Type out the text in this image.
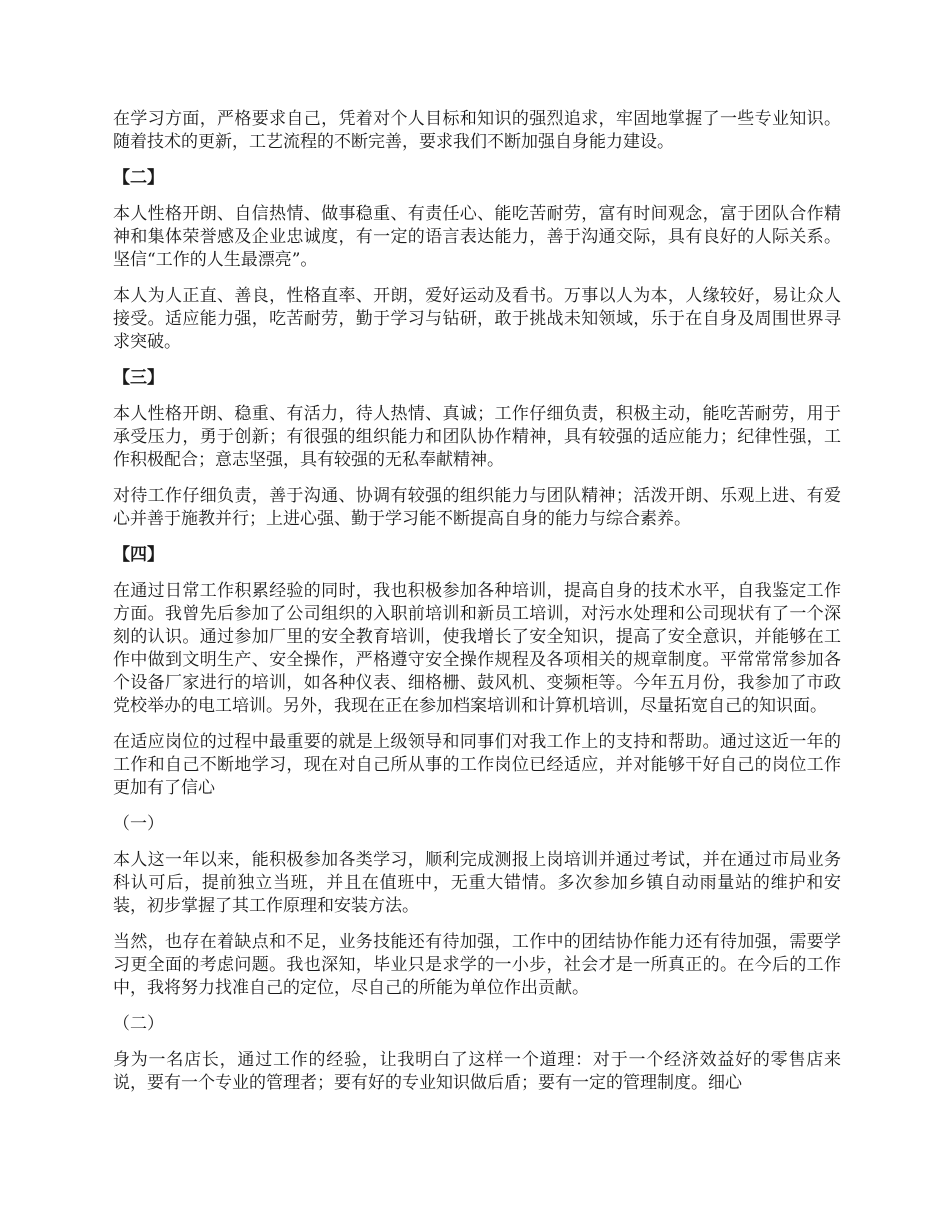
在学习方面，严格要求自己，凭着对个人目标和知识的强烈追求，牢固地掌握了一些专业知识。随着技术的更新，工艺流程的不断完善，要求我们不断加强自身能力建设。

【二】

本人性格开朗、自信热情、做事稳重、有责任心、能吃苦耐劳，富有时间观念，富于团队合作精神和集体荣誉感及企业忠诚度，有一定的语言表达能力，善于沟通交际，具有良好的人际关系。坚信“工作的人生最漂亮”。

本人为人正直、善良，性格直率、开朗，爱好运动及看书。万事以人为本，人缘较好，易让众人接受。适应能力强，吃苦耐劳，勤于学习与钻研，敢于挑战未知领域，乐于在自身及周围世界寻求突破。

【三】

本人性格开朗、稳重、有活力，待人热情、真诚；工作仔细负责，积极主动，能吃苦耐劳，用于承受压力，勇于创新；有很强的组织能力和团队协作精神，具有较强的适应能力；纪律性强，工作积极配合；意志坚强，具有较强的无私奉献精神。

对待工作仔细负责，善于沟通、协调有较强的组织能力与团队精神；活泼开朗、乐观上进、有爱心并善于施教并行；上进心强、勤于学习能不断提高自身的能力与综合素养。

【四】

在通过日常工作积累经验的同时，我也积极参加各种培训，提高自身的技术水平，自我鉴定工作方面。我曾先后参加了公司组织的入职前培训和新员工培训，对污水处理和公司现状有了一个深刻的认识。通过参加厂里的安全教育培训，使我增长了安全知识，提高了安全意识，并能够在工作中做到文明生产、安全操作，严格遵守安全操作规程及各项相关的规章制度。平常常常参加各个设备厂家进行的培训，如各种仪表、细格栅、鼓风机、变频柜等。今年五月份，我参加了市政党校举办的电工培训。另外，我现在正在参加档案培训和计算机培训，尽量拓宽自己的知识面。

在适应岗位的过程中最重要的就是上级领导和同事们对我工作上的支持和帮助。通过这近一年的工作和自己不断地学习，现在对自己所从事的工作岗位已经适应，并对能够干好自己的岗位工作更加有了信心

（一）

本人这一年以来，能积极参加各类学习，顺利完成测报上岗培训并通过考试，并在通过市局业务科认可后，提前独立当班，并且在值班中，无重大错情。多次参加乡镇自动雨量站的维护和安装，初步掌握了其工作原理和安装方法。

当然，也存在着缺点和不足，业务技能还有待加强，工作中的团结协作能力还有待加强，需要学习更全面的考虑问题。我也深知，毕业只是求学的一小步，社会才是一所真正的。在今后的工作中，我将努力找准自己的定位，尽自己的所能为单位作出贡献。

（二）

身为一名店长，通过工作的经验，让我明白了这样一个道理：对于一个经济效益好的零售店来说，要有一个专业的管理者；要有好的专业知识做后盾；要有一定的管理制度。细心
